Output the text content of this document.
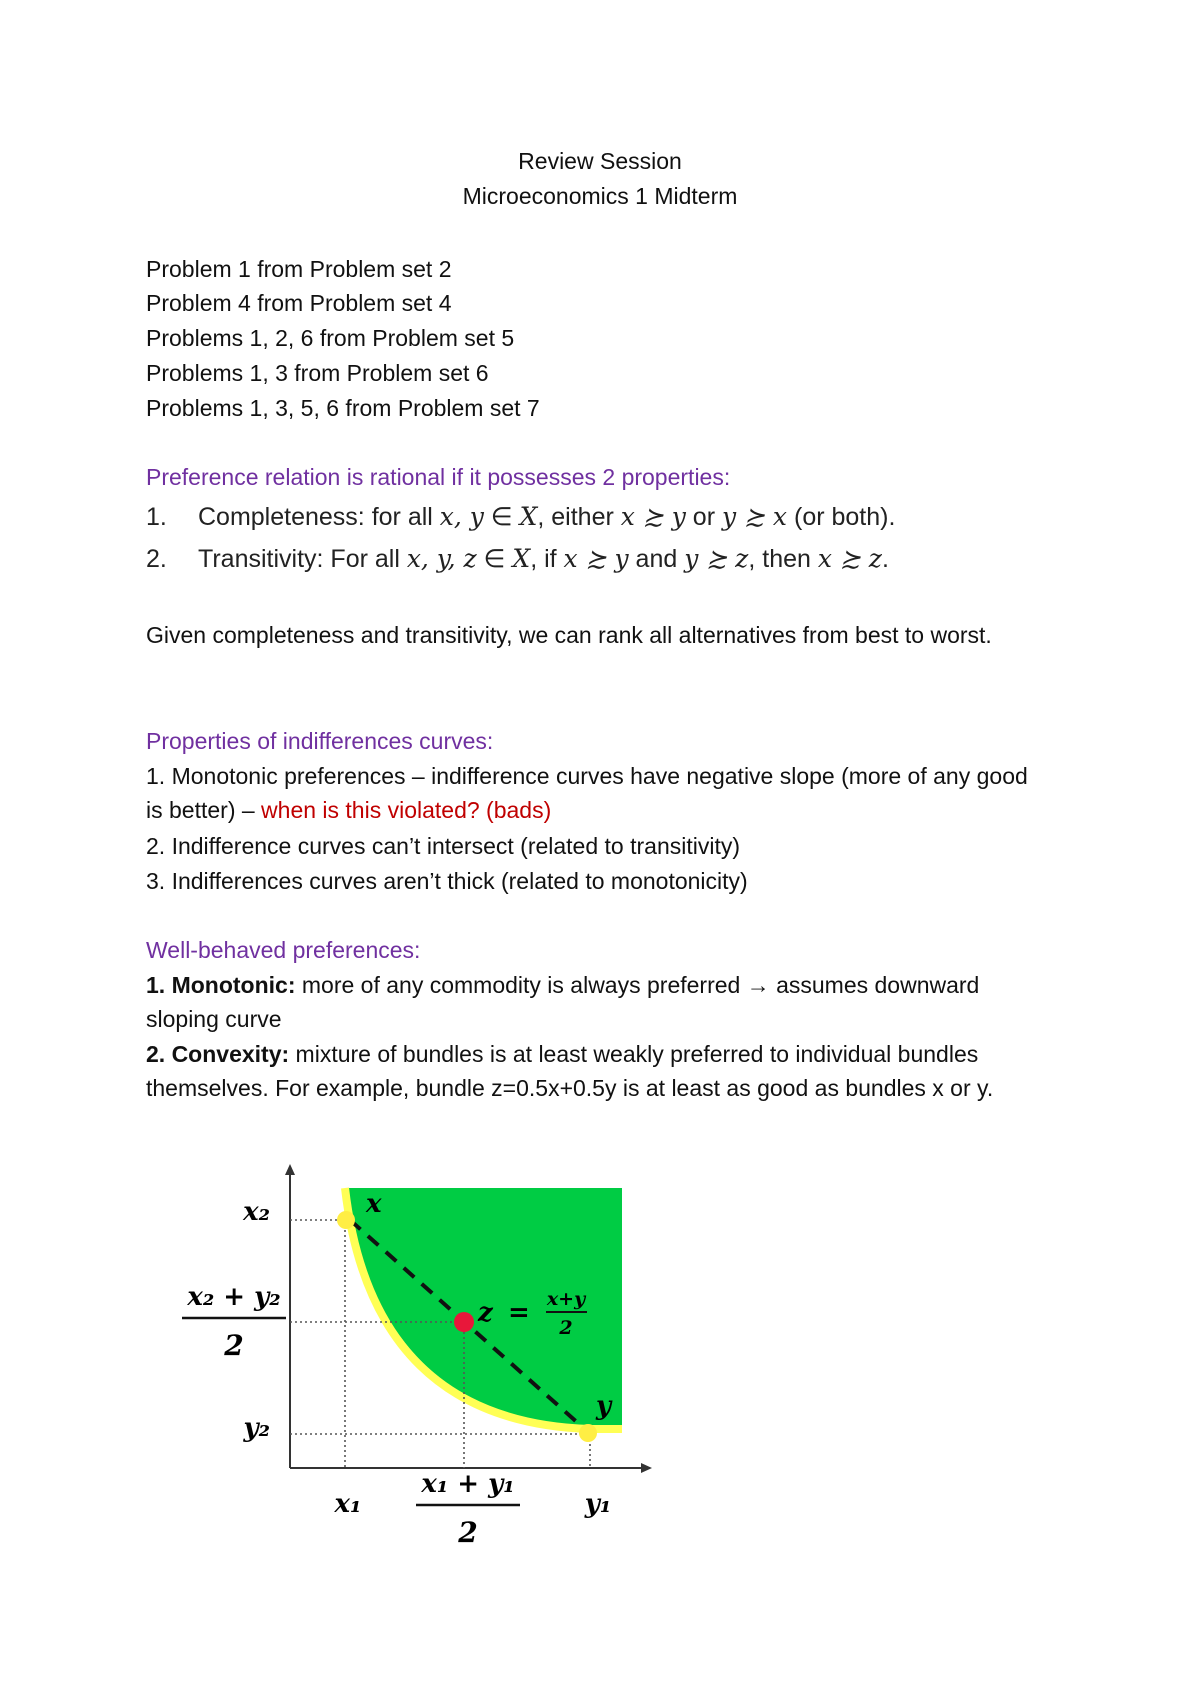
Review Session
Microeconomics 1 Midterm
Problem 1 from Problem set 2
Problem 4 from Problem set 4
Problems 1, 2, 6 from Problem set 5
Problems 1, 3 from Problem set 6
Problems 1, 3, 5, 6 from Problem set 7
Preference relation is rational if it possesses 2 properties:
1. Completeness: for all x, y ∈ X, either x ≿ y or y ≿ x (or both).
2. Transitivity: For all x, y, z ∈ X, if x ≿ y and y ≿ z, then x ≿ z.
Given completeness and transitivity, we can rank all alternatives from best to worst.
Properties of indifferences curves:
1. Monotonic preferences – indifference curves have negative slope (more of any good is better) – when is this violated? (bads)
2. Indifference curves can’t intersect (related to transitivity)
3. Indifferences curves aren’t thick (related to monotonicity)
Well-behaved preferences:
1. Monotonic: more of any commodity is always preferred → assumes downward sloping curve
2. Convexity: mixture of bundles is at least weakly preferred to individual bundles themselves. For example, bundle z=0.5x+0.5y is at least as good as bundles x or y.
x
y
z = x+y
2
x₂
x₂ + y₂
2
y₂
x₁
x₁ + y₁
2
y₁
